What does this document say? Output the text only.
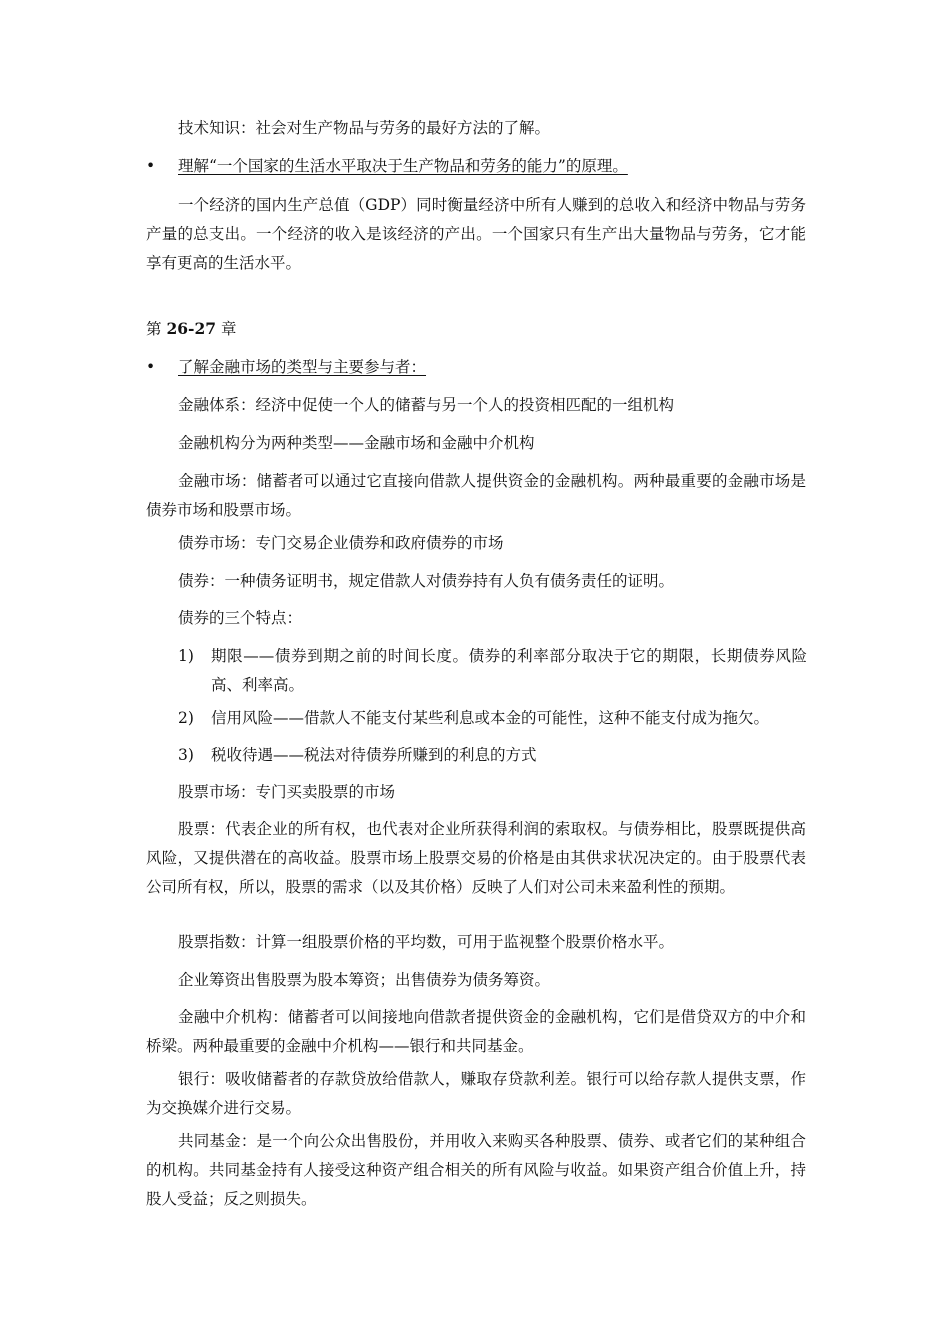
技术知识：社会对生产物品与劳务的最好方法的了解。
•	理解“一个国家的生活水平取决于生产物品和劳务的能力”的原理。
一个经济的国内生产总值（GDP）同时衡量经济中所有人赚到的总收入和经济中物品与劳务产量的总支出。一个经济的收入是该经济的产出。一个国家只有生产出大量物品与劳务，它才能享有更高的生活水平。
第 26-27 章
•	了解金融市场的类型与主要参与者：
金融体系：经济中促使一个人的储蓄与另一个人的投资相匹配的一组机构
金融机构分为两种类型——金融市场和金融中介机构
金融市场：储蓄者可以通过它直接向借款人提供资金的金融机构。两种最重要的金融市场是债券市场和股票市场。
债券市场：专门交易企业债券和政府债券的市场
债券：一种债务证明书，规定借款人对债券持有人负有债务责任的证明。
债券的三个特点：
1)	期限——债券到期之前的时间长度。债券的利率部分取决于它的期限，长期债券风险高、利率高。
2)	信用风险——借款人不能支付某些利息或本金的可能性，这种不能支付成为拖欠。
3)	税收待遇——税法对待债券所赚到的利息的方式
股票市场：专门买卖股票的市场
股票：代表企业的所有权，也代表对企业所获得利润的索取权。与债券相比，股票既提供高风险，又提供潜在的高收益。股票市场上股票交易的价格是由其供求状况决定的。由于股票代表公司所有权，所以，股票的需求（以及其价格）反映了人们对公司未来盈利性的预期。
股票指数：计算一组股票价格的平均数，可用于监视整个股票价格水平。
企业筹资出售股票为股本筹资；出售债券为债务筹资。
金融中介机构：储蓄者可以间接地向借款者提供资金的金融机构，它们是借贷双方的中介和桥梁。两种最重要的金融中介机构——银行和共同基金。
银行：吸收储蓄者的存款贷放给借款人，赚取存贷款利差。银行可以给存款人提供支票，作为交换媒介进行交易。
共同基金：是一个向公众出售股份，并用收入来购买各种股票、债券、或者它们的某种组合的机构。共同基金持有人接受这种资产组合相关的所有风险与收益。如果资产组合价值上升，持股人受益；反之则损失。
